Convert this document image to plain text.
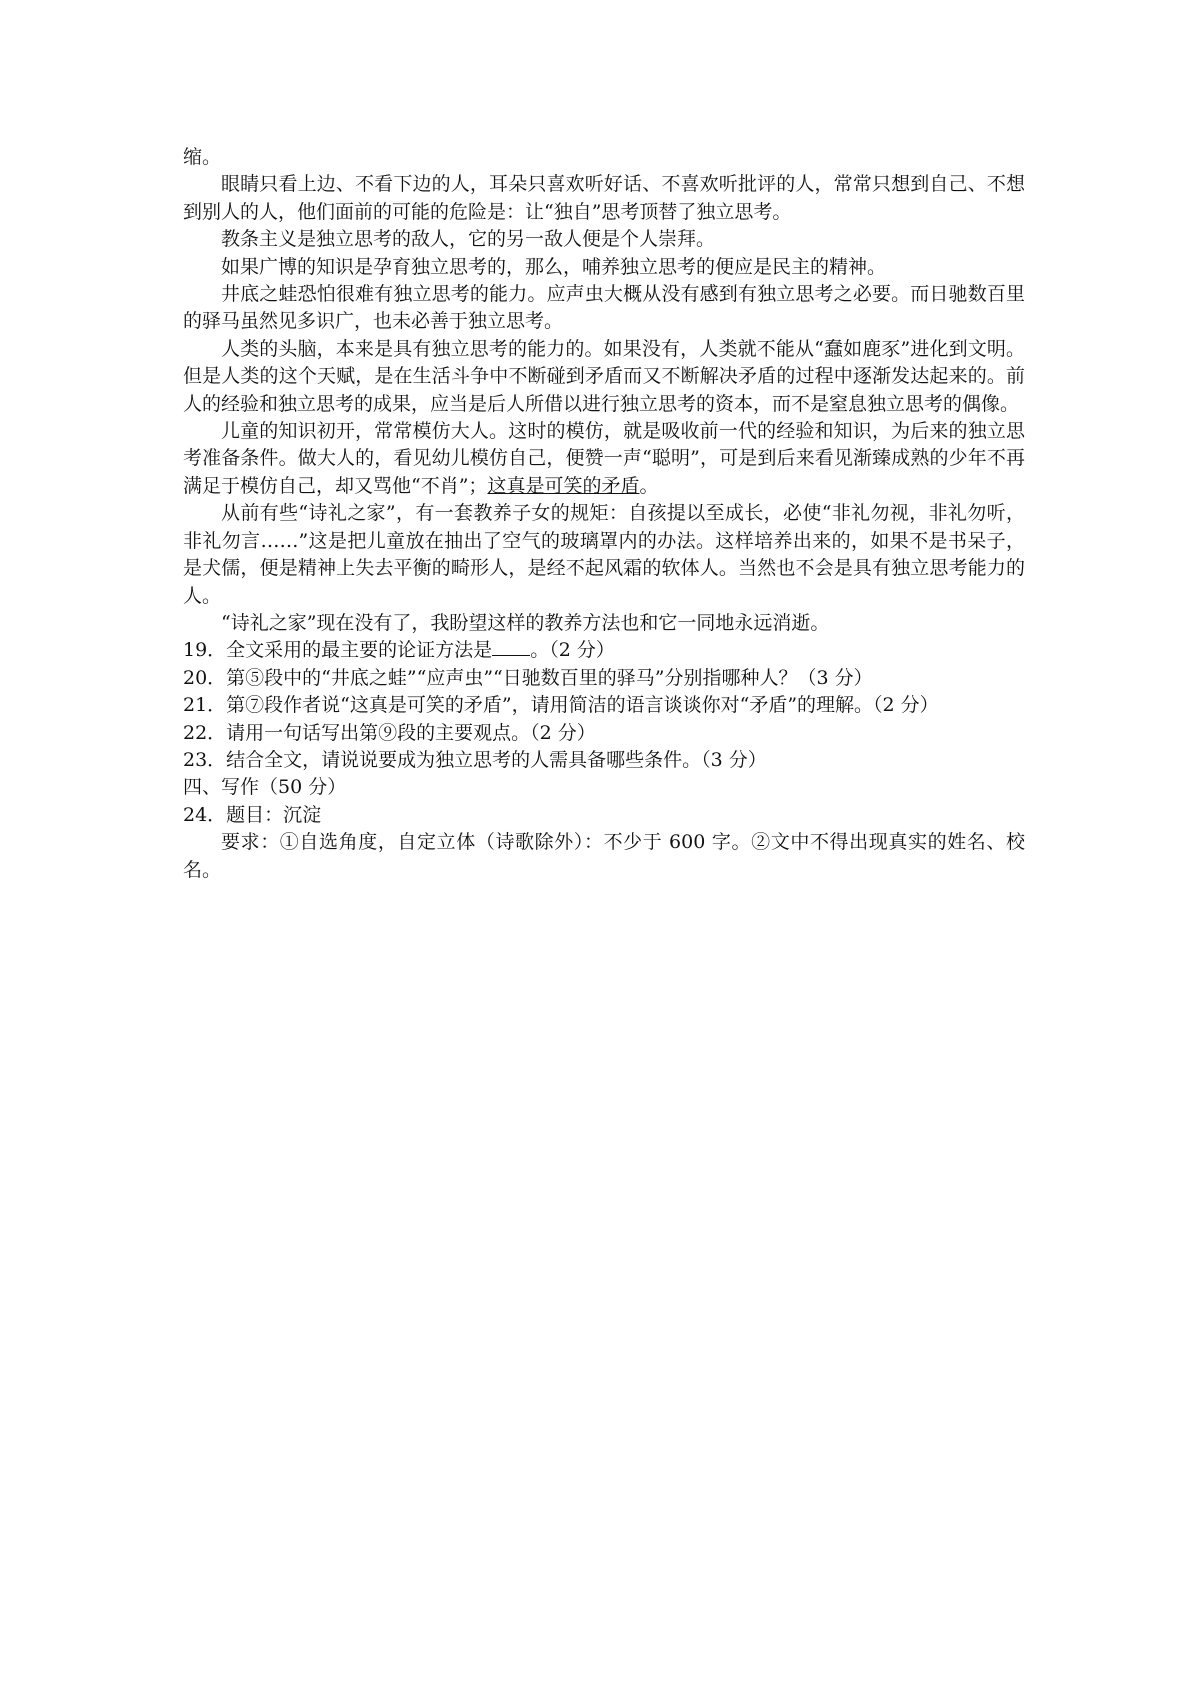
缩。

眼睛只看上边、不看下边的人，耳朵只喜欢听好话、不喜欢听批评的人，常常只想到自己、不想到别人的人，他们面前的可能的危险是：让“独自”思考顶替了独立思考。

教条主义是独立思考的敌人，它的另一敌人便是个人崇拜。

如果广博的知识是孕育独立思考的，那么，哺养独立思考的便应是民主的精神。

井底之蛙恐怕很难有独立思考的能力。应声虫大概从没有感到有独立思考之必要。而日驰数百里的驿马虽然见多识广，也未必善于独立思考。

人类的头脑，本来是具有独立思考的能力的。如果没有，人类就不能从“蠢如鹿豕”进化到文明。但是人类的这个天赋，是在生活斗争中不断碰到矛盾而又不断解决矛盾的过程中逐渐发达起来的。前人的经验和独立思考的成果，应当是后人所借以进行独立思考的资本，而不是窒息独立思考的偶像。

儿童的知识初开，常常模仿大人。这时的模仿，就是吸收前一代的经验和知识，为后来的独立思考准备条件。做大人的，看见幼儿模仿自己，便赞一声“聪明”，可是到后来看见渐臻成熟的少年不再满足于模仿自己，却又骂他“不肖”；这真是可笑的矛盾。

从前有些“诗礼之家”，有一套教养子女的规矩：自孩提以至成长，必使“非礼勿视，非礼勿听，非礼勿言……”这是把儿童放在抽出了空气的玻璃罩内的办法。这样培养出来的，如果不是书呆子，是犬儒，便是精神上失去平衡的畸形人，是经不起风霜的软体人。当然也不会是具有独立思考能力的人。

“诗礼之家”现在没有了，我盼望这样的教养方法也和它一同地永远消逝。

19．全文采用的最主要的论证方法是 。（2 分）

20．第⑤段中的“井底之蛙”“应声虫”“日驰数百里的驿马”分别指哪种人？（3 分）

21．第⑦段作者说“这真是可笑的矛盾”，请用简洁的语言谈谈你对“矛盾”的理解。（2 分）

22．请用一句话写出第⑨段的主要观点。（2 分）

23．结合全文，请说说要成为独立思考的人需具备哪些条件。（3 分）

四、写作（50 分）

24．题目：沉淀

要求：①自选角度，自定立体（诗歌除外）：不少于 600 字。②文中不得出现真实的姓名、校名。
